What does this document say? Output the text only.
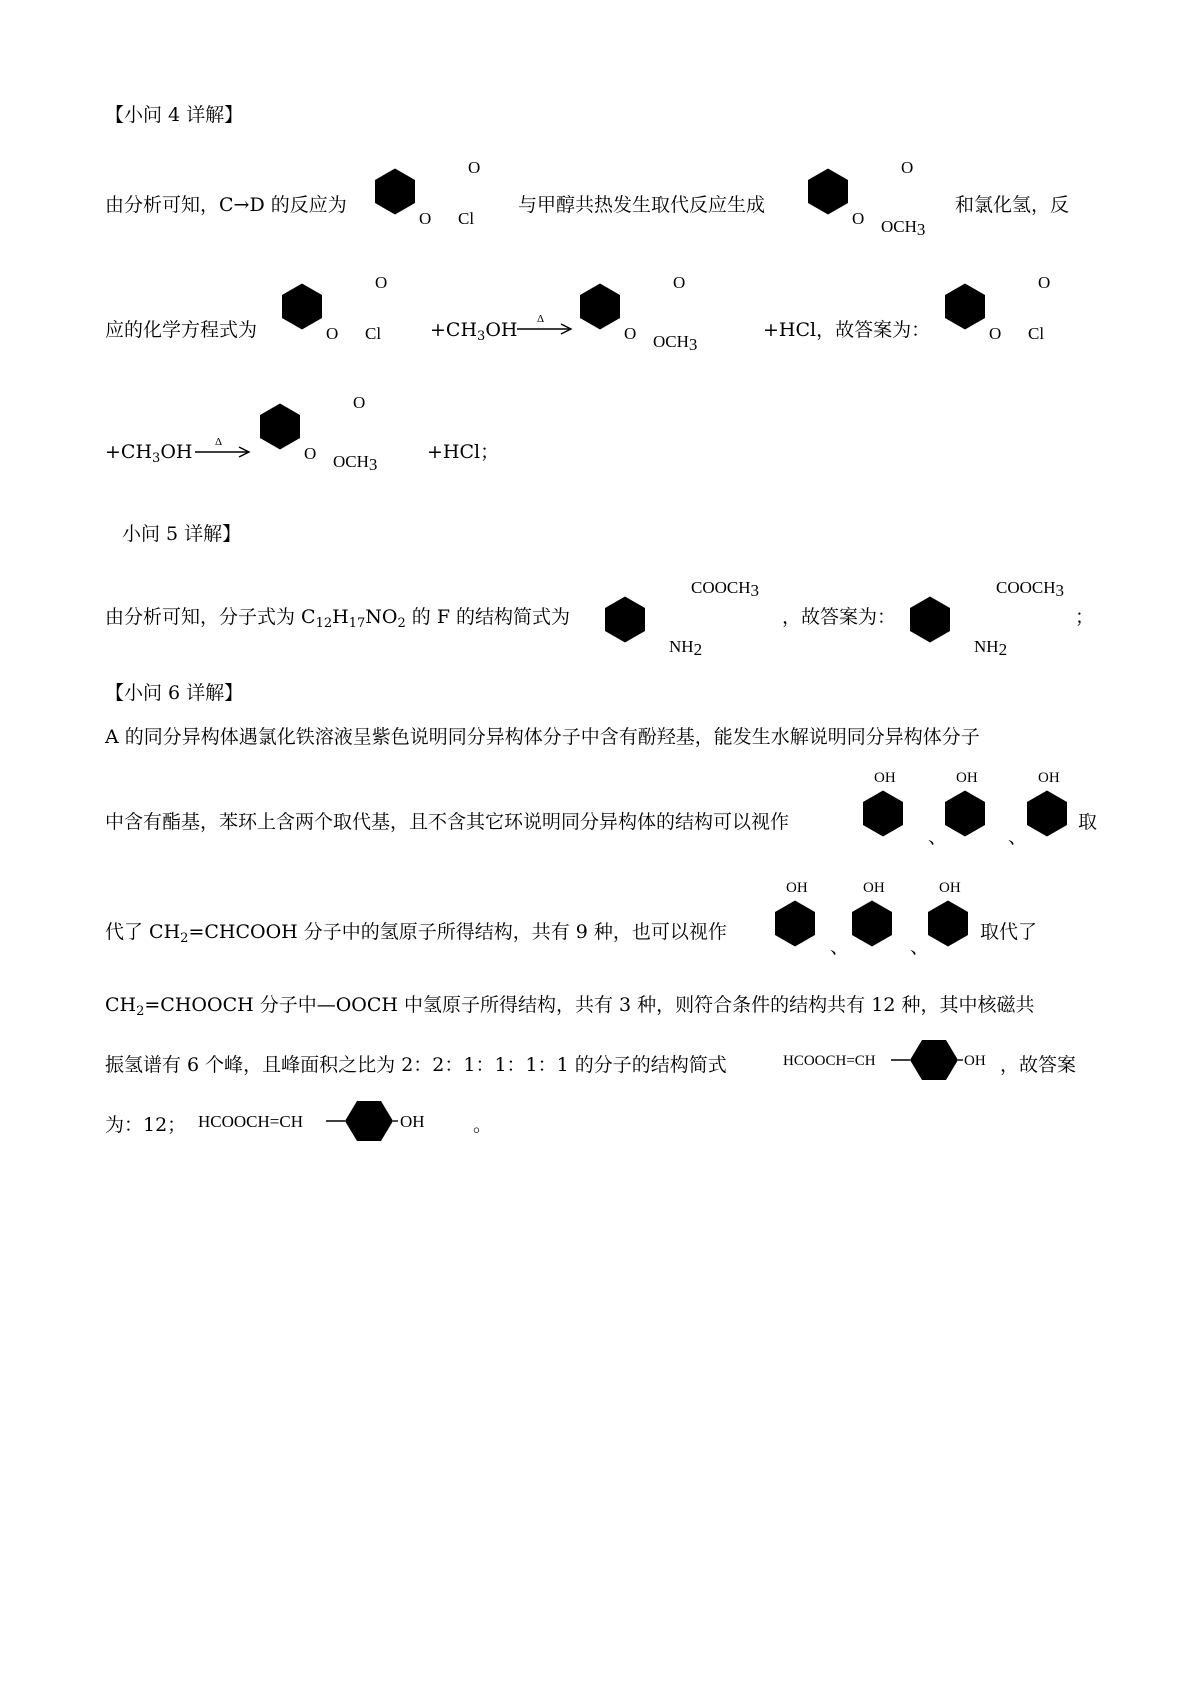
【小问 4 详解】
由分析可知，C→D 的反应为
O
O Cl
与甲醇共热发生取代反应生成
O
O OCH3
和氯化氢，反
应的化学方程式为
O
O Cl	$+CH_3OH$ Δ
O
O OCH3
+HCl，故答案为：
O
O Cl
$+CH_3OH$ Δ
O
O OCH3
+HCl；
小问 5 详解】
由分析可知，分子式为 $C_{12}H_{17}NO_2$ 的 F 的结构简式为
COOCH3
NH2
，故答案为：
COOCH3
NH2
；
【小问 6 详解】
A 的同分异构体遇氯化铁溶液呈紫色说明同分异构体分子中含有酚羟基，能发生水解说明同分异构体分子
中含有酯基，苯环上含两个取代基，且不含其它环说明同分异构体的结构可以视作
OH
、
OH
、
OH
取
代了 $CH_2=CHCOOH$ 分子中的氢原子所得结构，共有 9 种，也可以视作
OH
、
OH
、
OH
取代了
$CH_2=CHOOCH$ 分子中—OOCH 中氢原子所得结构，共有 3 种，则符合条件的结构共有 12 种，其中核磁共
振氢谱有 6 个峰，且峰面积之比为 2：2：1：1：1：1 的分子的结构简式	HCOOCH=CH	OH ，故答案
为：12； HCOOCH=CH	OH	。
